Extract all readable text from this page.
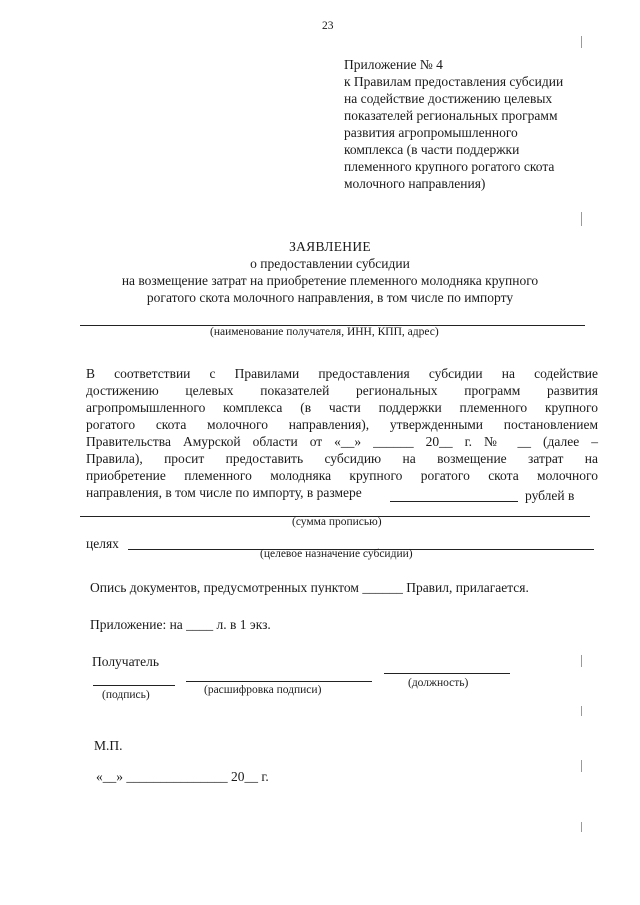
23
Приложение № 4
к Правилам предоставления субсидии
на содействие достижению целевых
показателей региональных программ
развития агропромышленного
комплекса (в части поддержки
племенного крупного рогатого скота
молочного направления)
ЗАЯВЛЕНИЕ
о предоставлении субсидии
на возмещение затрат на приобретение племенного молодняка крупного
рогатого скота молочного направления, в том числе по импорту
(наименование получателя, ИНН, КПП, адрес)
В соответствии с Правилами предоставления субсидии на содействие
достижению целевых показателей региональных программ развития
агропромышленного комплекса (в части поддержки племенного крупного
рогатого скота молочного направления), утвержденными постановлением
Правительства Амурской области от «__» ______ 20__ г. № __ (далее –
Правила), просит предоставить субсидию на возмещение затрат на
приобретение племенного молодняка крупного рогатого скота молочного
направления, в том числе по импорту, в размере	рублей в
(сумма прописью)
целях
(целевое назначение субсидии)
Опись документов, предусмотренных пунктом ______ Правил, прилагается.
Приложение: на ____ л. в 1 экз.
Получатель
(подпись)	(расшифровка подписи)
(должность)
М.П.
«__» _______________ 20__ г.
